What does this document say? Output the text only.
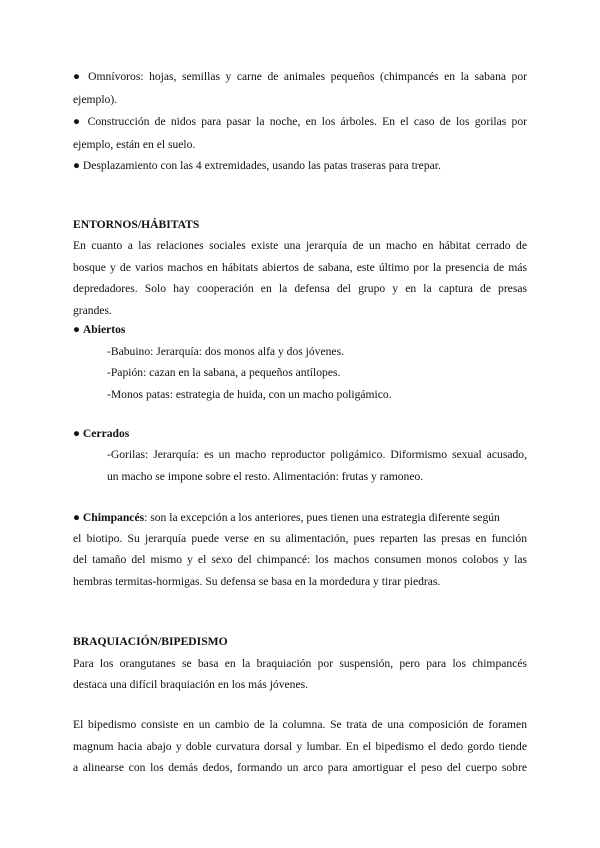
● Omnívoros: hojas, semillas y carne de animales pequeños (chimpancés en la sabana por
ejemplo).
● Construcción de nidos para pasar la noche, en los árboles. En el caso de los gorilas por
ejemplo, están en el suelo.
● Desplazamiento con las 4 extremidades, usando las patas traseras para trepar.
ENTORNOS/HÁBITATS
En cuanto a las relaciones sociales existe una jerarquía de un macho en hábitat cerrado de
bosque y de varios machos en hábitats abiertos de sabana, este último por la presencia de más
depredadores. Solo hay cooperación en la defensa del grupo y en la captura de presas
grandes.
● Abiertos
-Babuino: Jerarquía: dos monos alfa y dos jóvenes.
-Papión: cazan en la sabana, a pequeños antílopes.
-Monos patas: estrategia de huida, con un macho poligámico.
● Cerrados
-Gorilas: Jerarquía: es un macho reproductor poligámico. Diformismo sexual acusado,
un macho se impone sobre el resto. Alimentación: frutas y ramoneo.
● Chimpancés: son la excepción a los anteriores, pues tienen una estrategia diferente según
el biotipo. Su jerarquía puede verse en su alimentación, pues reparten las presas en función
del tamaño del mismo y el sexo del chimpancé: los machos consumen monos colobos y las
hembras termitas-hormigas. Su defensa se basa en la mordedura y tirar piedras.
BRAQUIACIÓN/BIPEDISMO
Para los orangutanes se basa en la braquiación por suspensión, pero para los chimpancés
destaca una difícil braquiación en los más jóvenes.
El bipedismo consiste en un cambio de la columna. Se trata de una composición de foramen
magnum hacia abajo y doble curvatura dorsal y lumbar. En el bipedismo el dedo gordo tiende
a alinearse con los demás dedos, formando un arco para amortiguar el peso del cuerpo sobre
